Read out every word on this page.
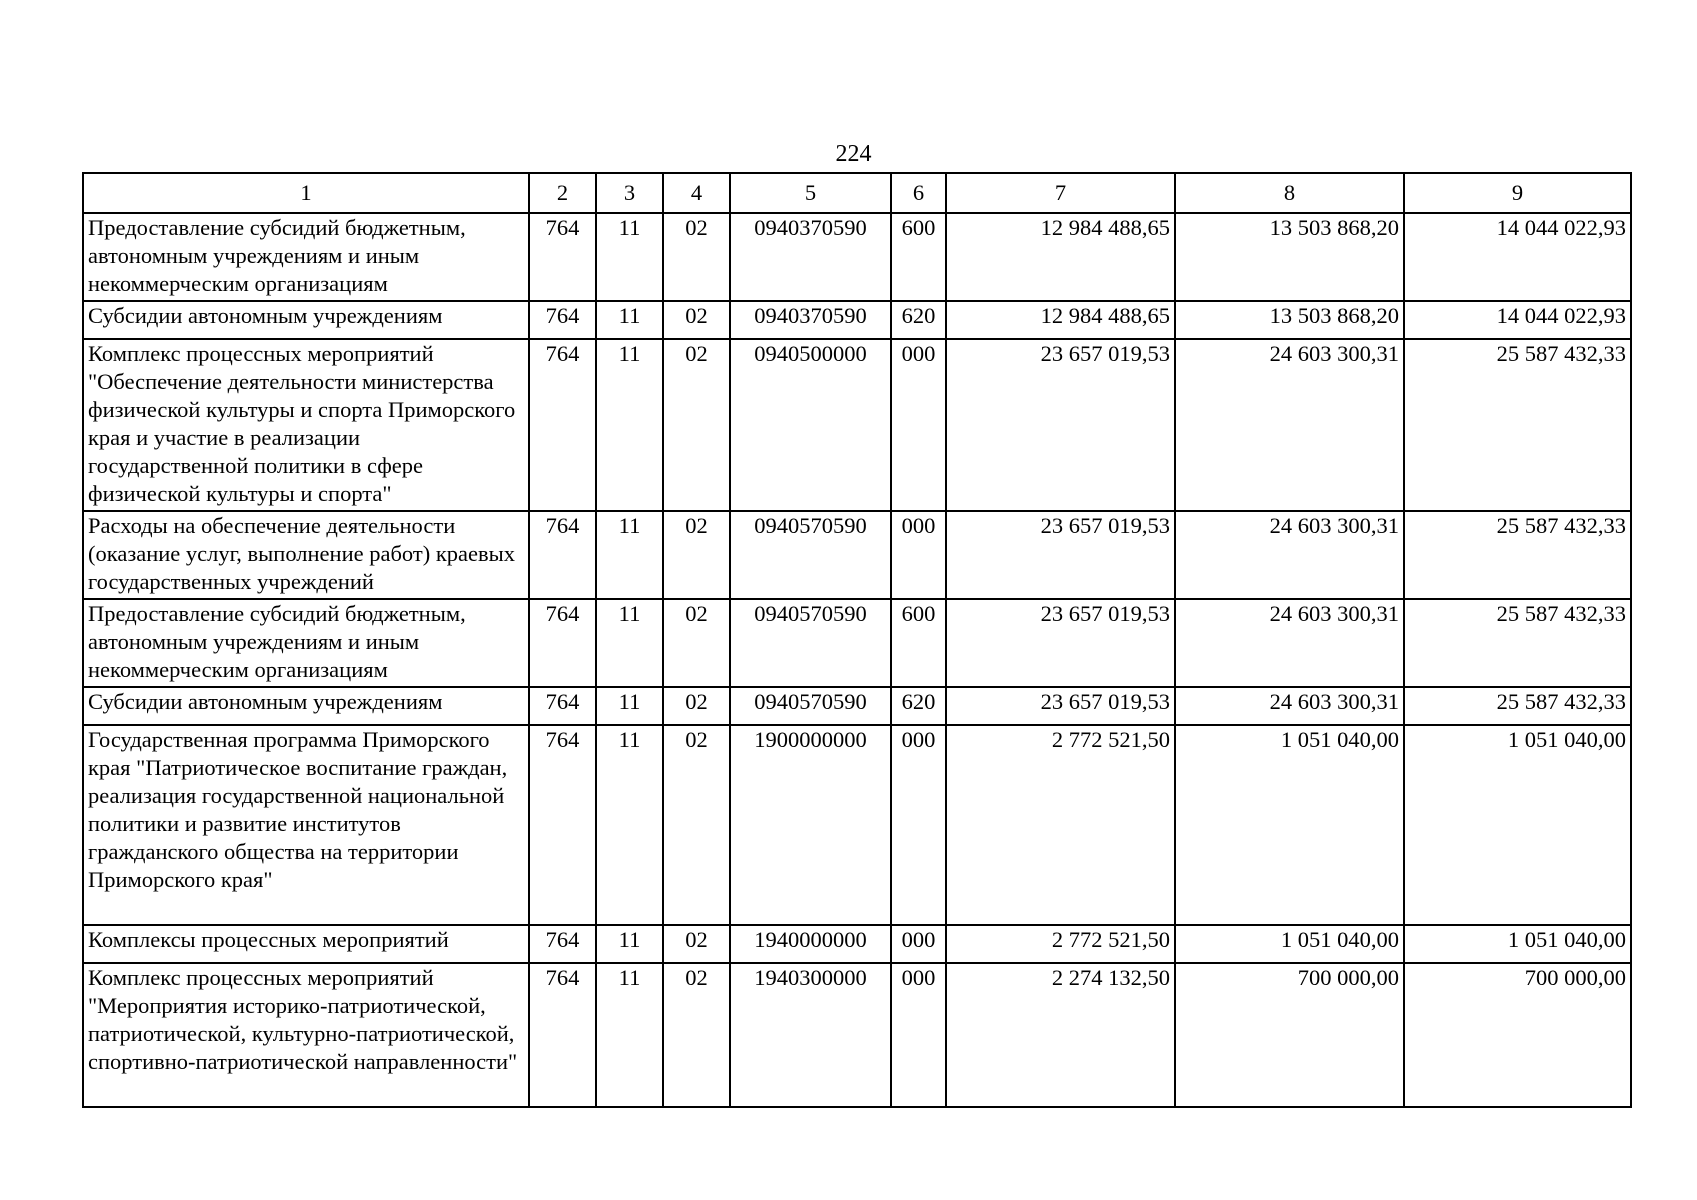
224
1	2	3	4	5	6	7	8	9
Предоставление субсидий бюджетным, автономным учреждениям и иным некоммерческим организациям	764	11	02	0940370590	600	12 984 488,65	13 503 868,20	14 044 022,93
Субсидии автономным учреждениям	764	11	02	0940370590	620	12 984 488,65	13 503 868,20	14 044 022,93
Комплекс процессных мероприятий "Обеспечение деятельности министерства физической культуры и спорта Приморского края и участие в реализации государственной политики в сфере физической культуры и спорта"	764	11	02	0940500000	000	23 657 019,53	24 603 300,31	25 587 432,33
Расходы на обеспечение деятельности (оказание услуг, выполнение работ) краевых государственных учреждений	764	11	02	0940570590	000	23 657 019,53	24 603 300,31	25 587 432,33
Предоставление субсидий бюджетным, автономным учреждениям и иным некоммерческим организациям	764	11	02	0940570590	600	23 657 019,53	24 603 300,31	25 587 432,33
Субсидии автономным учреждениям	764	11	02	0940570590	620	23 657 019,53	24 603 300,31	25 587 432,33
Государственная программа Приморского края "Патриотическое воспитание граждан, реализация государственной национальной политики и развитие институтов гражданского общества на территории Приморского края"	764	11	02	1900000000	000	2 772 521,50	1 051 040,00	1 051 040,00
Комплексы процессных мероприятий	764	11	02	1940000000	000	2 772 521,50	1 051 040,00	1 051 040,00
Комплекс процессных мероприятий "Мероприятия историко-патриотической, патриотической, культурно-патриотической, спортивно-патриотической направленности"	764	11	02	1940300000	000	2 274 132,50	700 000,00	700 000,00
